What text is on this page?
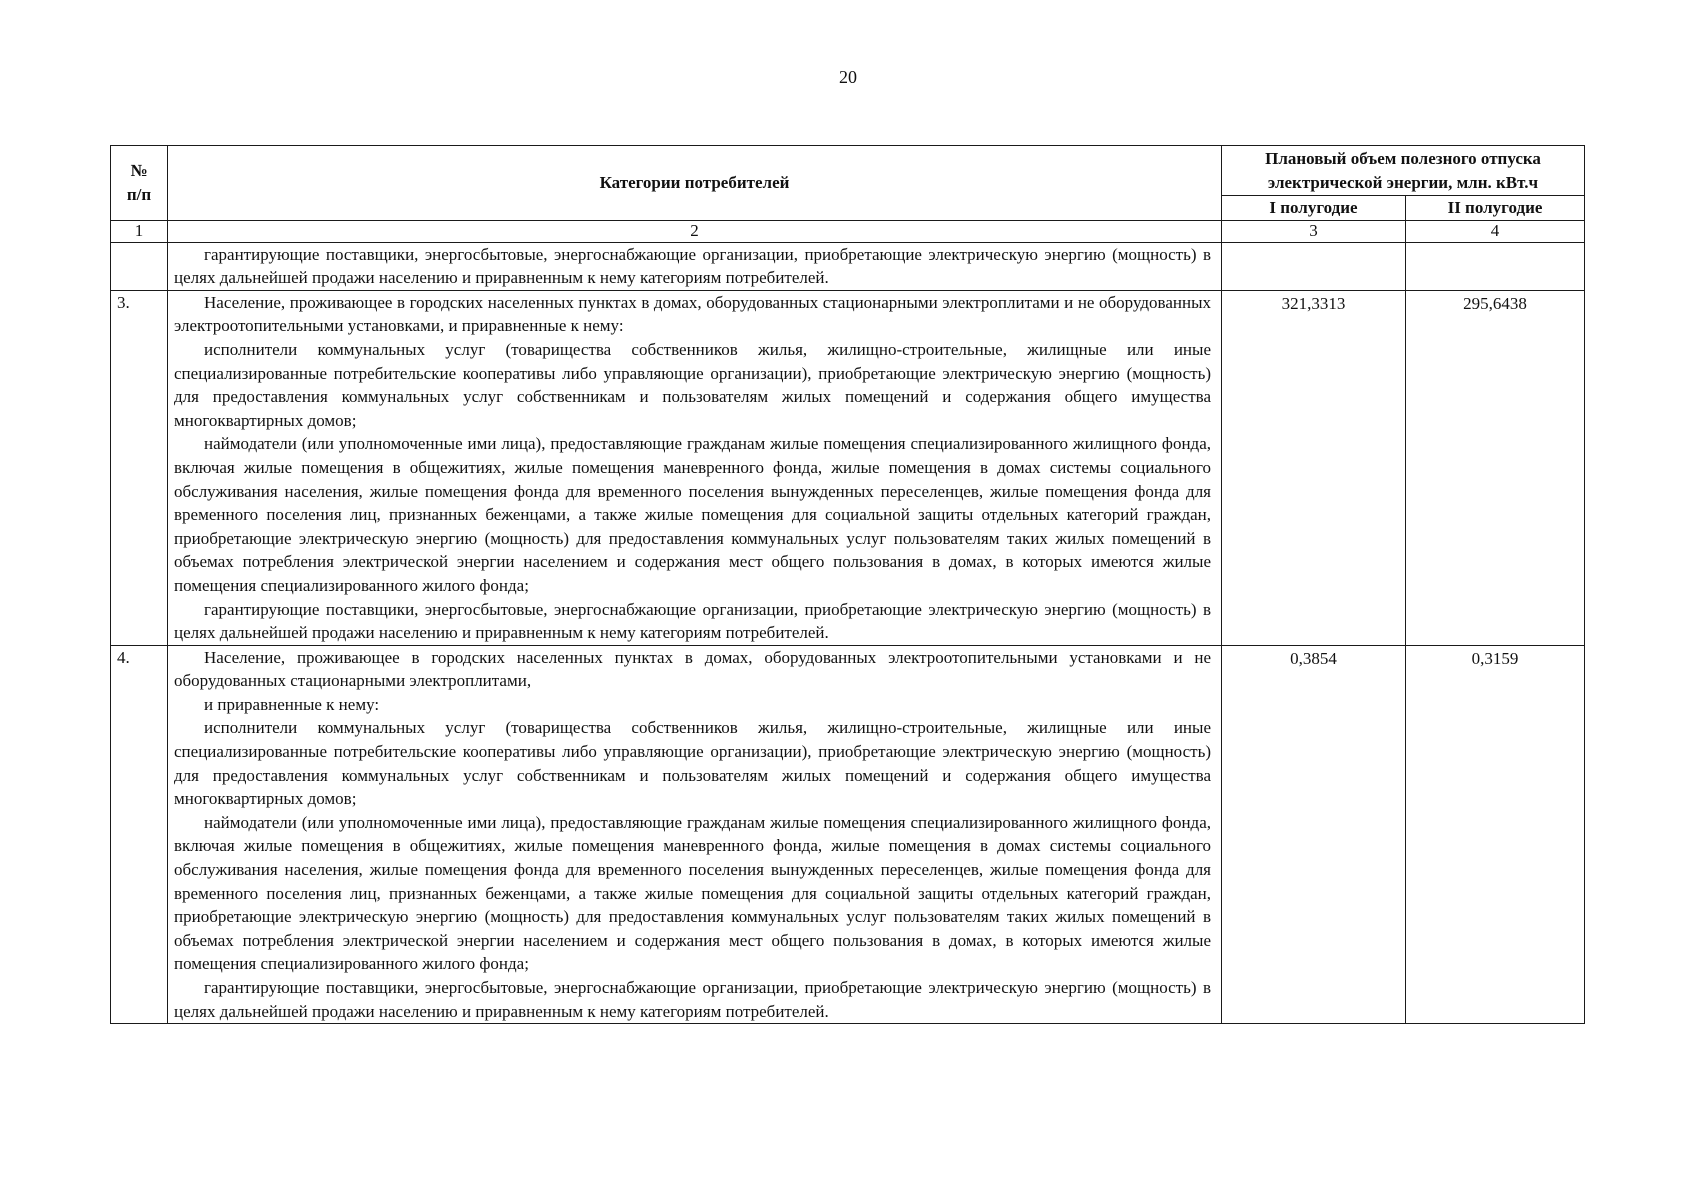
20
№
п/п	Категории потребителей	Плановый объем полезного отпуска
электрической энергии, млн. кВт.ч	

		I полугодие	II полугодие
1	2	3	4

	гарантирующие поставщики, энергосбытовые, энергоснабжающие организации, приобретающие электрическую энергию (мощность) в целях дальнейшей продажи населению и приравненным к нему категориям потребителей.		

3.	Население, проживающее в городских населенных пунктах в домах, оборудованных стационарными электроплитами и не оборудованных электроотопительными установками, и приравненные к нему:

исполнители коммунальных услуг (товарищества собственников жилья, жилищно-строительные, жилищные или иные специализированные потребительские кооперативы либо управляющие организации), приобретающие электрическую энергию (мощность) для предоставления коммунальных услуг собственникам и пользователям жилых помещений и содержания общего имущества многоквартирных домов;

наймодатели (или уполномоченные ими лица), предоставляющие гражданам жилые помещения специализированного жилищного фонда, включая жилые помещения в общежитиях, жилые помещения маневренного фонда, жилые помещения в домах системы социального обслуживания населения, жилые помещения фонда для временного поселения вынужденных переселенцев, жилые помещения фонда для временного поселения лиц, признанных беженцами, а также жилые помещения для социальной защиты отдельных категорий граждан, приобретающие электрическую энергию (мощность) для предоставления коммунальных услуг пользователям таких жилых помещений в объемах потребления электрической энергии населением и содержания мест общего пользования в домах, в которых имеются жилые помещения специализированного жилого фонда;

гарантирующие поставщики, энергосбытовые, энергоснабжающие организации, приобретающие электрическую энергию (мощность) в целях дальнейшей продажи населению и приравненным к нему категориям потребителей.	321,3313	295,6438
4.	Население, проживающее в городских населенных пунктах в домах, оборудованных электроотопительными установками и не оборудованных стационарными электроплитами,

и приравненные к нему:

исполнители коммунальных услуг (товарищества собственников жилья, жилищно-строительные, жилищные или иные специализированные потребительские кооперативы либо управляющие организации), приобретающие электрическую энергию (мощность) для предоставления коммунальных услуг собственникам и пользователям жилых помещений и содержания общего имущества многоквартирных домов;

наймодатели (или уполномоченные ими лица), предоставляющие гражданам жилые помещения специализированного жилищного фонда, включая жилые помещения в общежитиях, жилые помещения маневренного фонда, жилые помещения в домах системы социального обслуживания населения, жилые помещения фонда для временного поселения вынужденных переселенцев, жилые помещения фонда для временного поселения лиц, признанных беженцами, а также жилые помещения для социальной защиты отдельных категорий граждан, приобретающие электрическую энергию (мощность) для предоставления коммунальных услуг пользователям таких жилых помещений в объемах потребления электрической энергии населением и содержания мест общего пользования в домах, в которых имеются жилые помещения специализированного жилого фонда;

гарантирующие поставщики, энергосбытовые, энергоснабжающие организации, приобретающие электрическую энергию (мощность) в целях дальнейшей продажи населению и приравненным к нему категориям потребителей.	0,3854	0,3159
